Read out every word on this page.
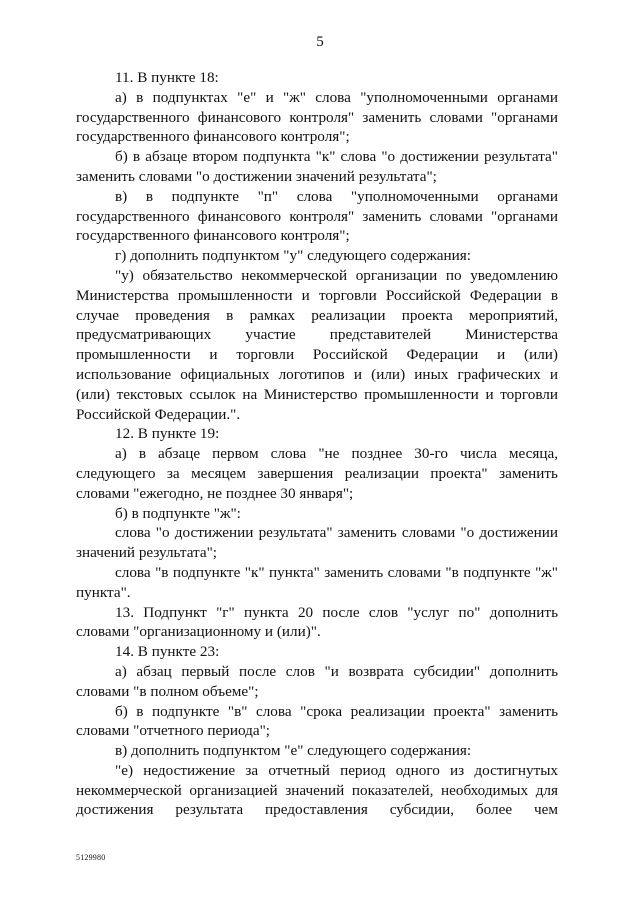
5

11. В пункте 18:

а) в подпунктах "е" и "ж" слова "уполномоченными органами государственного финансового контроля" заменить словами "органами государственного финансового контроля";

б) в абзаце втором подпункта "к" слова "о достижении результата" заменить словами "о достижении значений результата";

в) в подпункте "п" слова "уполномоченными органами государственного финансового контроля" заменить словами "органами государственного финансового контроля";

г) дополнить подпунктом "у" следующего содержания:

"у) обязательство некоммерческой организации по уведомлению Министерства промышленности и торговли Российской Федерации в случае проведения в рамках реализации проекта мероприятий, предусматривающих участие представителей Министерства промышленности и торговли Российской Федерации и (или) использование официальных логотипов и (или) иных графических и (или) текстовых ссылок на Министерство промышленности и торговли Российской Федерации.".

12. В пункте 19:

а) в абзаце первом слова "не позднее 30-го числа месяца, следующего за месяцем завершения реализации проекта" заменить словами "ежегодно, не позднее 30 января";

б) в подпункте "ж":

слова "о достижении результата" заменить словами "о достижении значений результата";

слова "в подпункте "к" пункта" заменить словами "в подпункте "ж" пункта".

13. Подпункт "г" пункта 20 после слов "услуг по" дополнить словами "организационному и (или)".

14. В пункте 23:

а) абзац первый после слов "и возврата субсидии" дополнить словами "в полном объеме";

б) в подпункте "в" слова "срока реализации проекта" заменить словами "отчетного периода";

в) дополнить подпунктом "е" следующего содержания:

"е) недостижение за отчетный период одного из достигнутых некоммерческой организацией значений показателей, необходимых для достижения результата предоставления субсидии, более чем

5129980
